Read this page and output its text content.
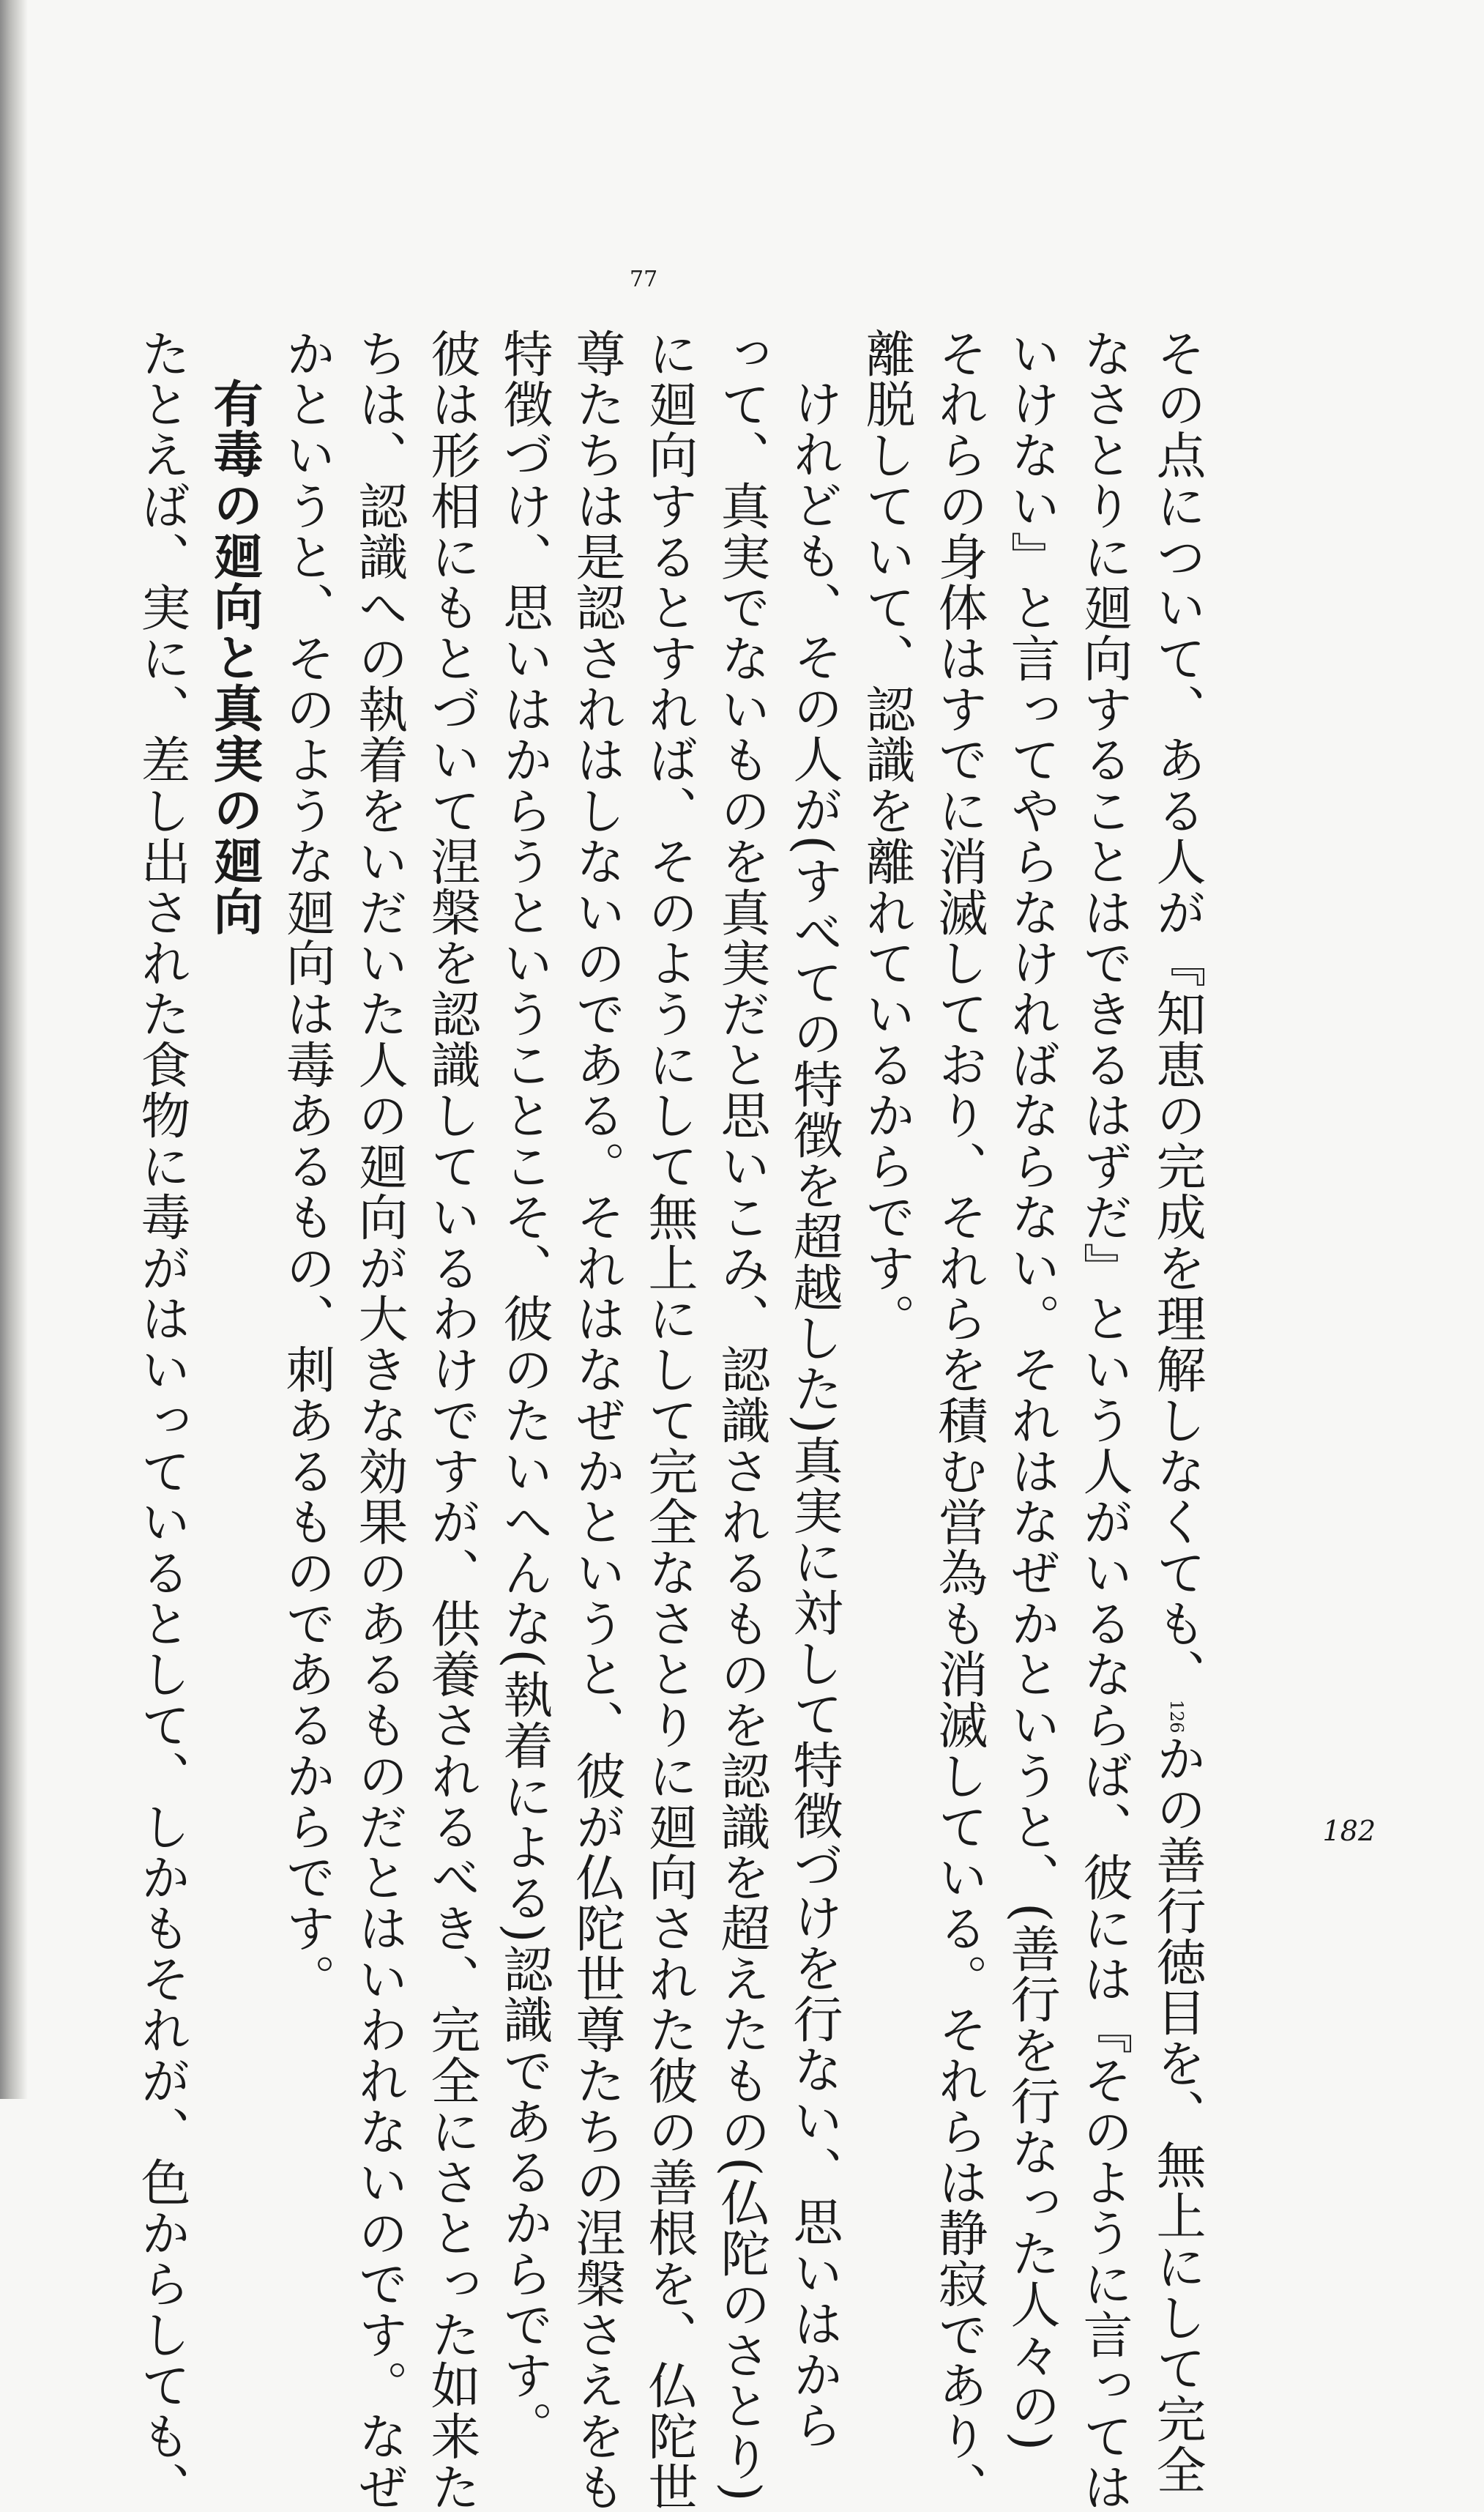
77
その点について、ある人が『知恵の完成を理解しなくても、126かの善行徳目を、無上にして完全
なさとりに廻向することはできるはずだ』という人がいるならば、彼には『そのように言っては
いけない』と言ってやらなければならない。それはなぜかというと、(善行を行なった人々の)
それらの身体はすでに消滅しており、それらを積む営為も消滅している。それらは静寂であり、
離脱していて、認識を離れているからです。
けれども、その人が(すべての特徴を超越した)真実に対して特徴づけを行ない、思いはから
って、真実でないものを真実だと思いこみ、認識されるものを認識を超えたもの(仏陀のさとり)
に廻向するとすれば、そのようにして無上にして完全なさとりに廻向された彼の善根を、仏陀世
尊たちは是認されはしないのである。それはなぜかというと、彼が仏陀世尊たちの涅槃さえをも
特徴づけ、思いはからうということこそ、彼のたいへんな(執着による)認識であるからです。
彼は形相にもとづいて涅槃を認識しているわけですが、供養されるべき、完全にさとった如来た
ちは、認識への執着をいだいた人の廻向が大きな効果のあるものだとはいわれないのです。なぜ
かというと、そのような廻向は毒あるもの、刺あるものであるからです。
有毒の廻向と真実の廻向
たとえば、実に、差し出された食物に毒がはいっているとして、しかもそれが、色からしても、	182
